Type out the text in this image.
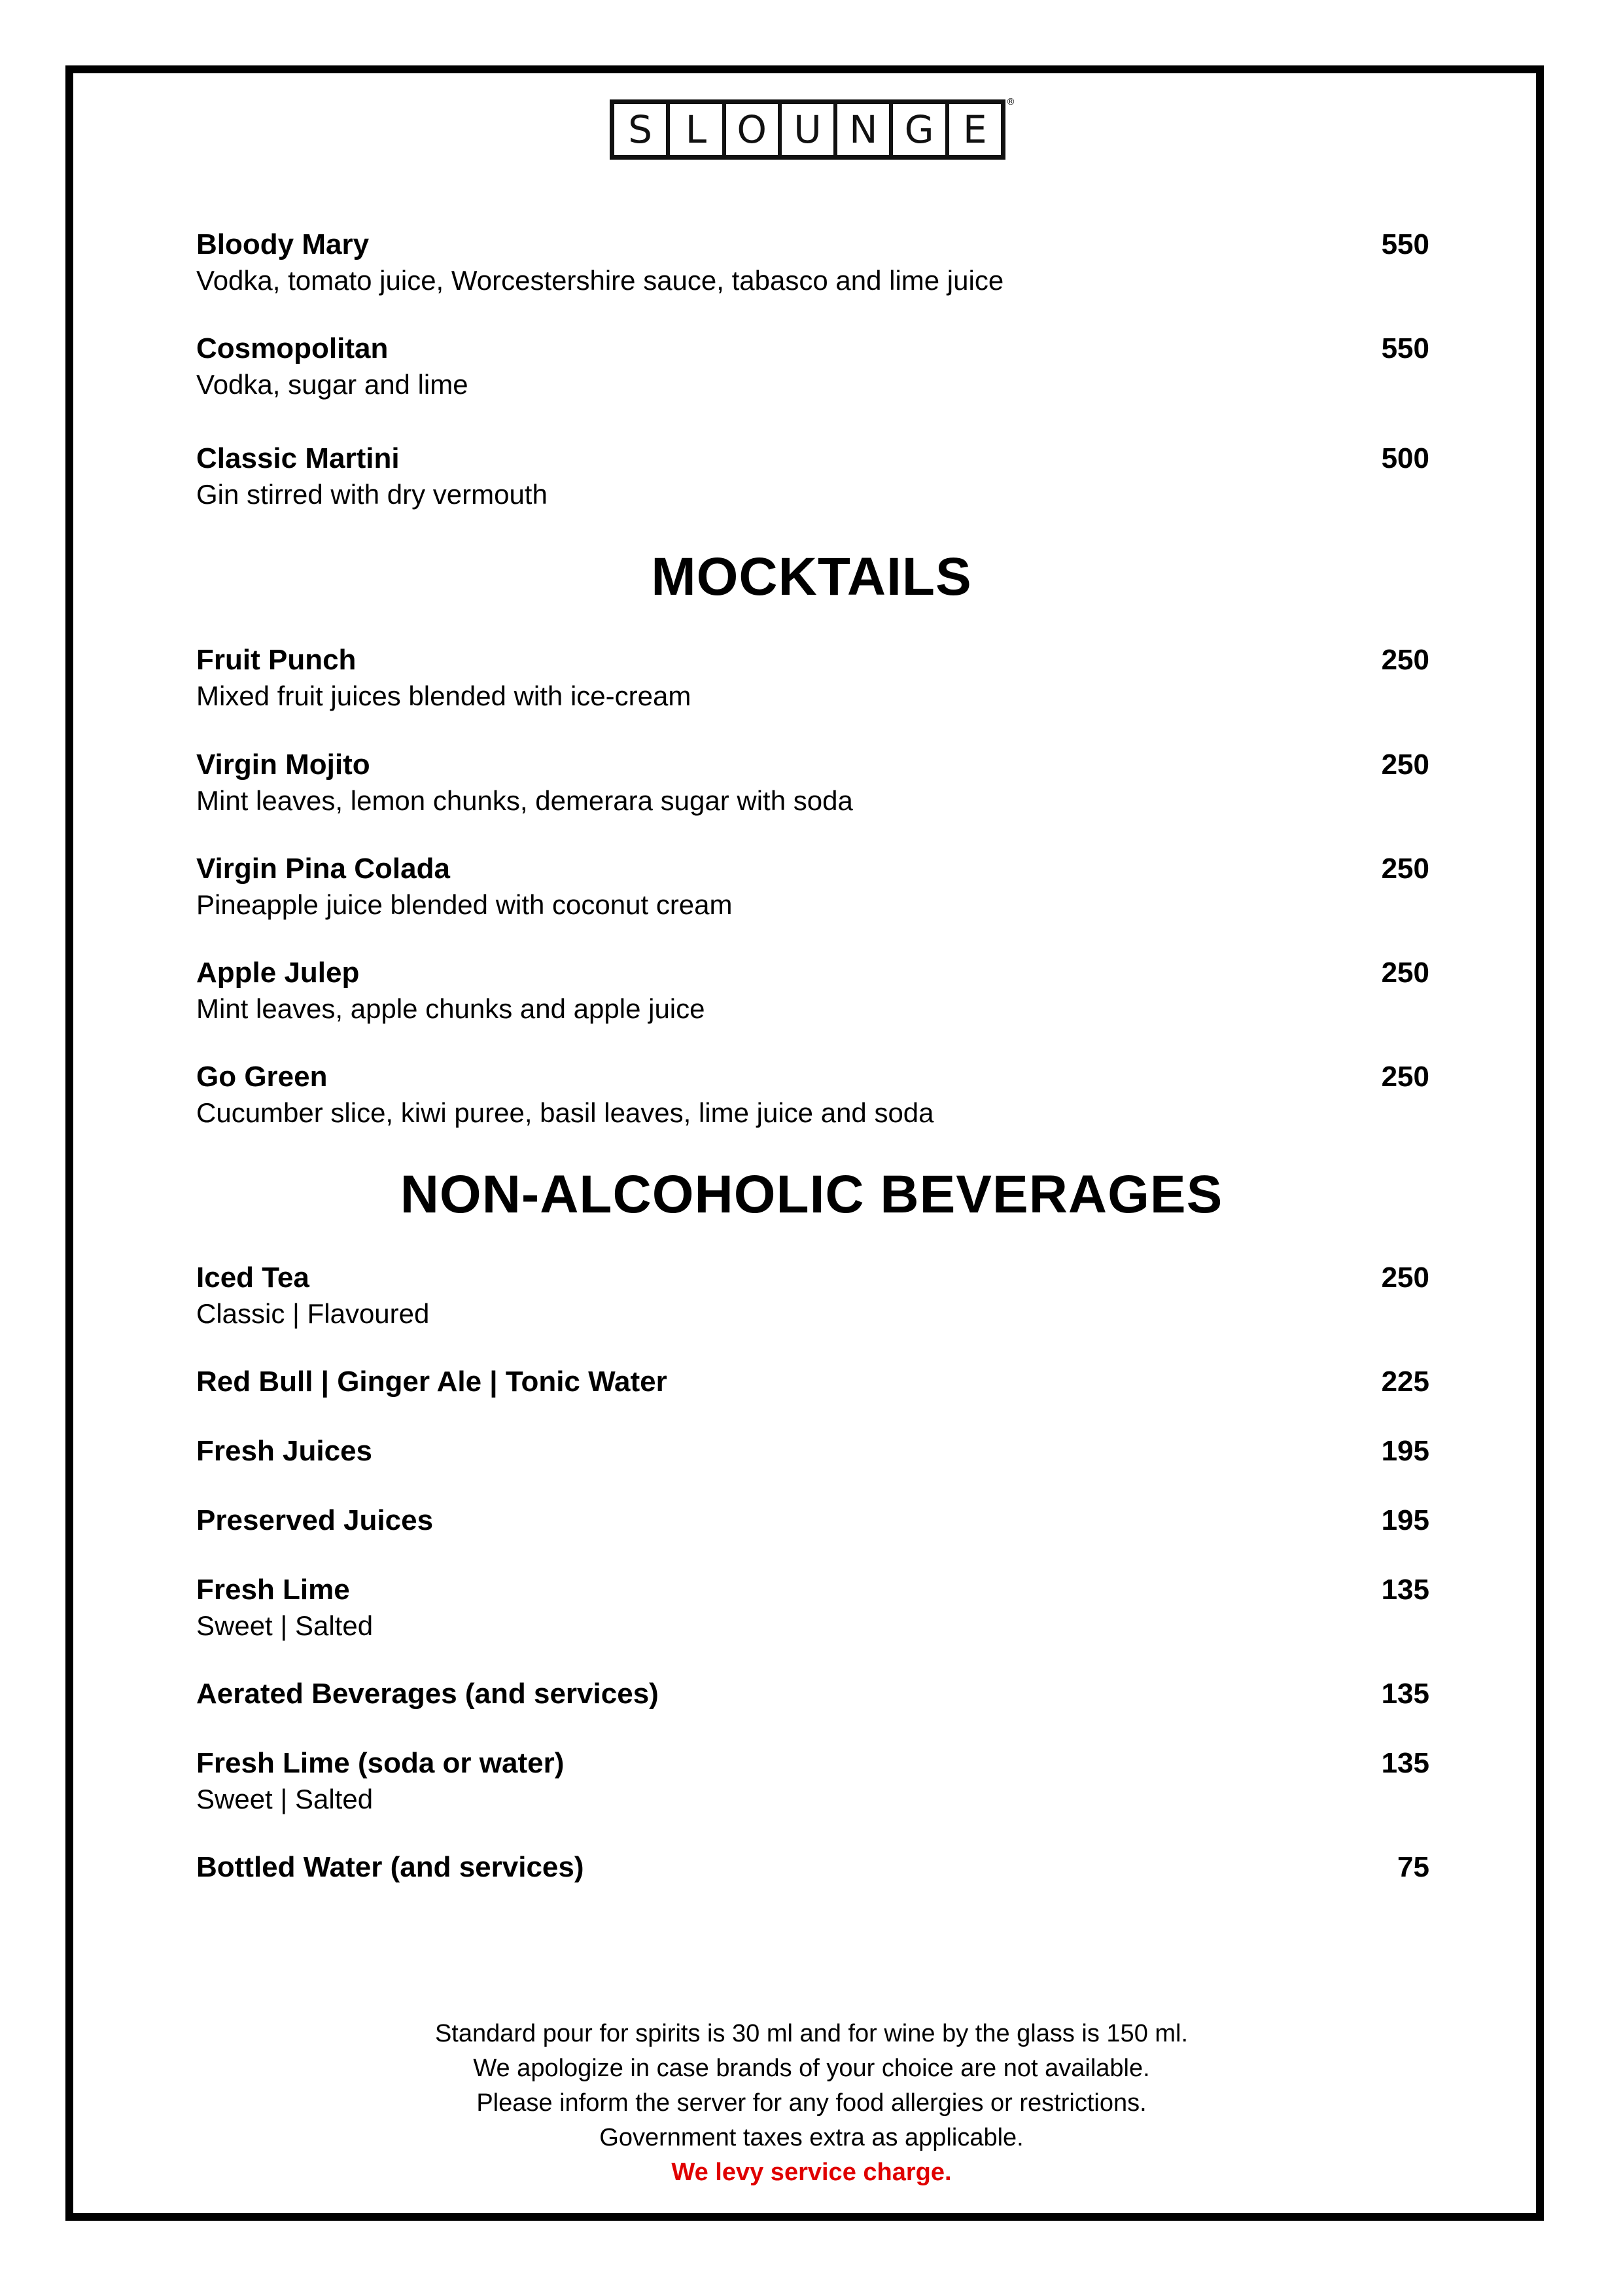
S L O U N G E
®
Bloody Mary	550
Vodka, tomato juice, Worcestershire sauce, tabasco and lime juice
Cosmopolitan	550
Vodka, sugar and lime
Classic Martini	500
Gin stirred with dry vermouth
MOCKTAILS
Fruit Punch	250
Mixed fruit juices blended with ice-cream
Virgin Mojito	250
Mint leaves, lemon chunks, demerara sugar with soda
Virgin Pina Colada	250
Pineapple juice blended with coconut cream
Apple Julep	250
Mint leaves, apple chunks and apple juice
Go Green	250
Cucumber slice, kiwi puree, basil leaves, lime juice and soda
NON-ALCOHOLIC BEVERAGES
Iced Tea	250
Classic | Flavoured
Red Bull | Ginger Ale | Tonic Water	225
Fresh Juices	195
Preserved Juices	195
Fresh Lime	135
Sweet | Salted
Aerated Beverages (and services)	135
Fresh Lime (soda or water)	135
Sweet | Salted
Bottled Water (and services)	75
Standard pour for spirits is 30 ml and for wine by the glass is 150 ml.
We apologize in case brands of your choice are not available.
Please inform the server for any food allergies or restrictions.
Government taxes extra as applicable.
We levy service charge.
